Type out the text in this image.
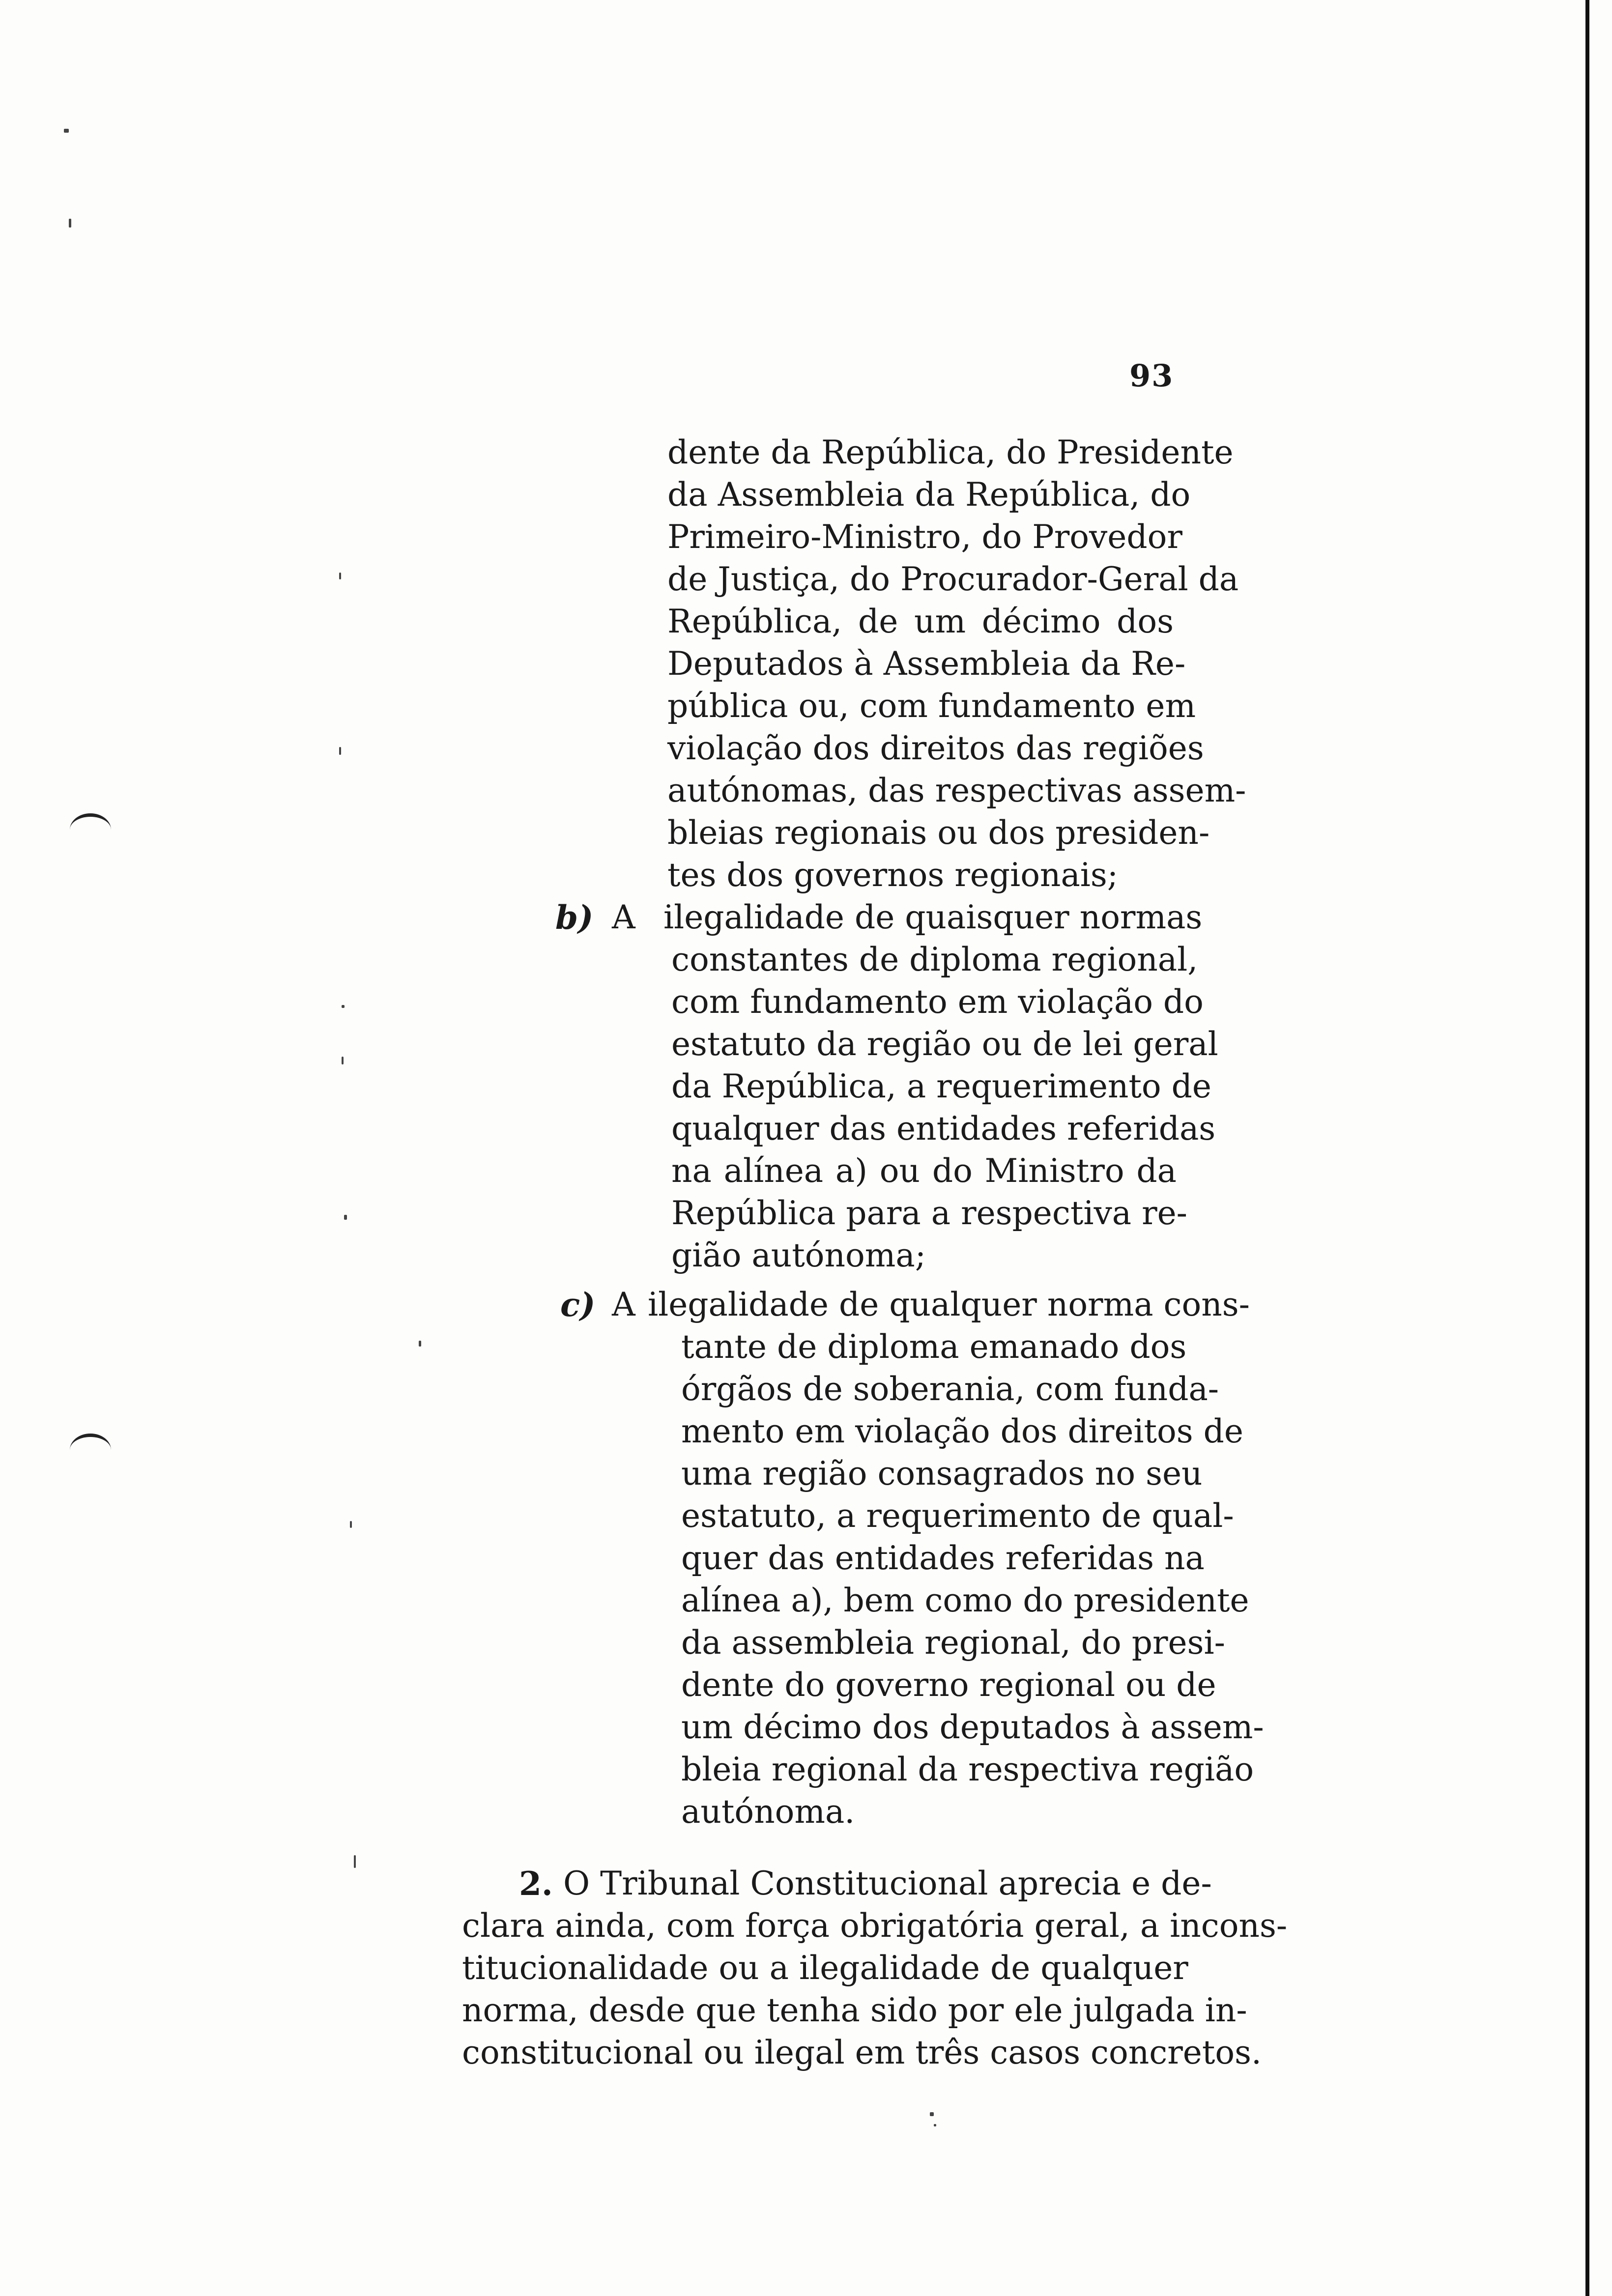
93
dente da República, do Presidente
da Assembleia da República, do
Primeiro-Ministro, do Provedor
de Justiça, do Procurador-Geral da
República, de um décimo dos
Deputados à Assembleia da Re-
pública ou, com fundamento em
violação dos direitos das regiões
autónomas, das respectivas assem-
bleias regionais ou dos presiden-
tes dos governos regionais;
b) A ilegalidade de quaisquer normas
constantes de diploma regional,
com fundamento em violação do
estatuto da região ou de lei geral
da República, a requerimento de
qualquer das entidades referidas
na alínea a) ou do Ministro da
República para a respectiva re-
gião autónoma;
c) A ilegalidade de qualquer norma cons-
tante de diploma emanado dos
órgãos de soberania, com funda-
mento em violação dos direitos de
uma região consagrados no seu
estatuto, a requerimento de qual-
quer das entidades referidas na
alínea a), bem como do presidente
da assembleia regional, do presi-
dente do governo regional ou de
um décimo dos deputados à assem-
bleia regional da respectiva região
autónoma.
2. O Tribunal Constitucional aprecia e de-
clara ainda, com força obrigatória geral, a incons-
titucionalidade ou a ilegalidade de qualquer
norma, desde que tenha sido por ele julgada in-
constitucional ou ilegal em três casos concretos.
